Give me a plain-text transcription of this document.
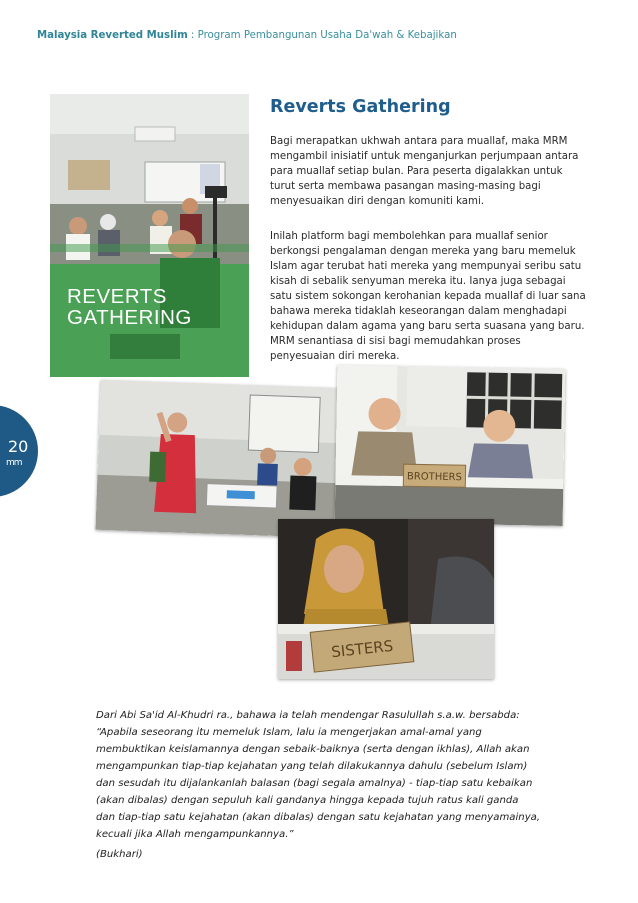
Malaysia Reverted Muslim : Program Pembangunan Usaha Da'wah & Kebajikan
20
mm
REVERTS
GATHERING
Reverts Gathering
Bagi merapatkan ukhwah antara para muallaf, maka MRM mengambil inisiatif untuk menganjurkan perjumpaan antara para muallaf setiap bulan. Para peserta digalakkan untuk turut serta membawa pasangan masing-masing bagi menyesuaikan diri dengan komuniti kami.
Inilah platform bagi membolehkan para muallaf senior berkongsi pengalaman dengan mereka yang baru memeluk Islam agar terubat hati mereka yang mempunyai seribu satu kisah di sebalik senyuman mereka itu. Ianya juga sebagai satu sistem sokongan kerohanian kepada muallaf di luar sana bahawa mereka tidaklah keseorangan dalam menghadapi kehidupan dalam agama yang baru serta suasana yang baru. MRM senantiasa di sisi bagi memudahkan proses penyesuaian diri mereka.
BROTHERS
SISTERS
Dari Abi Sa'id Al-Khudri ra., bahawa ia telah mendengar Rasulullah s.a.w. bersabda:
“Apabila seseorang itu memeluk Islam, lalu ia mengerjakan amal-amal yang
membuktikan keislamannya dengan sebaik-baiknya (serta dengan ikhlas), Allah akan
mengampunkan tiap-tiap kejahatan yang telah dilakukannya dahulu (sebelum Islam)
dan sesudah itu dijalankanlah balasan (bagi segala amalnya) - tiap-tiap satu kebaikan
(akan dibalas) dengan sepuluh kali gandanya hingga kepada tujuh ratus kali ganda
dan tiap-tiap satu kejahatan (akan dibalas) dengan satu kejahatan yang menyamainya,
kecuali jika Allah mengampunkannya.”
(Bukhari)
